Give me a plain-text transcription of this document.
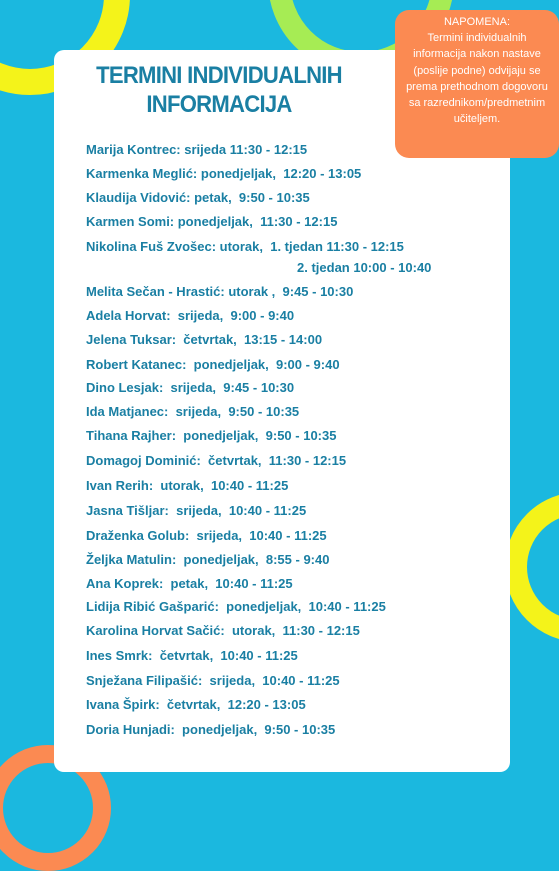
TERMINI INDIVIDUALNIH
INFORMACIJA
Marija Kontrec: srijeda 11:30 - 12:15
Karmenka Meglić: ponedjeljak,  12:20 - 13:05
Klaudija Vidović: petak,  9:50 - 10:35
Karmen Somi: ponedjeljak,  11:30 - 12:15
Nikolina Fuš Zvošec: utorak,  1. tjedan 11:30 - 12:15
Melita Sečan - Hrastić: utorak ,  9:45 - 10:30
Adela Horvat:  srijeda,  9:00 - 9:40
Jelena Tuksar:  četvrtak,  13:15 - 14:00
Robert Katanec:  ponedjeljak,  9:00 - 9:40
Dino Lesjak:  srijeda,  9:45 - 10:30
Ida Matjanec:  srijeda,  9:50 - 10:35
Tihana Rajher:  ponedjeljak,  9:50 - 10:35
Domagoj Dominić:  četvrtak,  11:30 - 12:15
Ivan Rerih:  utorak,  10:40 - 11:25
Jasna Tišljar:  srijeda,  10:40 - 11:25
Draženka Golub:  srijeda,  10:40 - 11:25
Željka Matulin:  ponedjeljak,  8:55 - 9:40
Ana Koprek:  petak,  10:40 - 11:25
Lidija Ribić Gašparić:  ponedjeljak,  10:40 - 11:25
Karolina Horvat Sačić:  utorak,  11:30 - 12:15
Ines Smrk:  četvrtak,  10:40 - 11:25
Snježana Filipašić:  srijeda,  10:40 - 11:25
Ivana Špirk:  četvrtak,  12:20 - 13:05
Doria Hunjadi:  ponedjeljak,  9:50 - 10:35
2. tjedan 10:00 - 10:40
NAPOMENA:
Termini individualnih informacija nakon nastave (poslije podne) odvijaju se prema prethodnom dogovoru sa razrednikom/predmetnim učiteljem.
